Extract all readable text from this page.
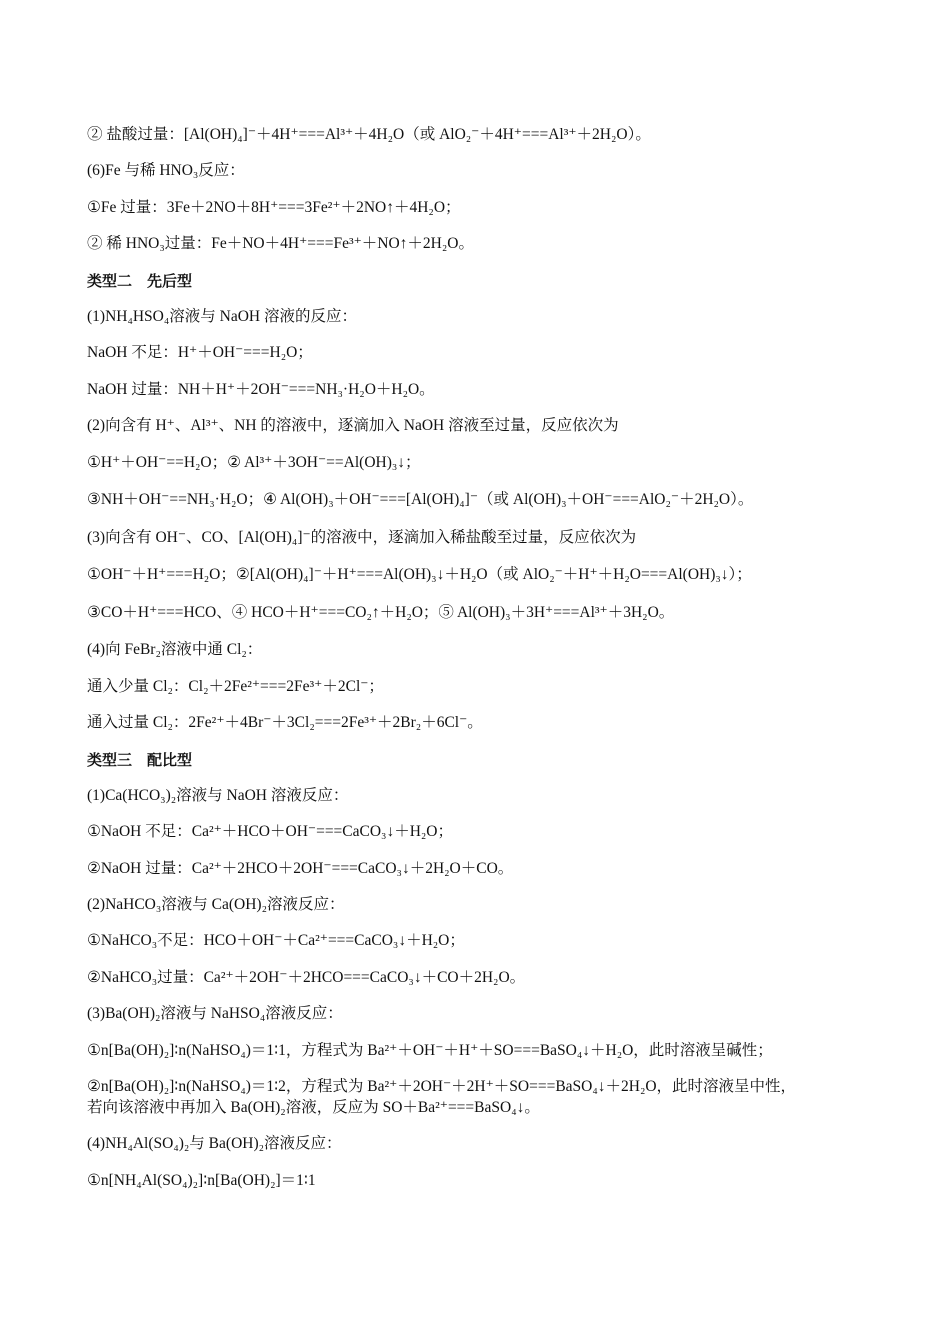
② 盐酸过量：[Al(OH)₄]⁻＋4H⁺===Al³⁺＋4H₂O（或 AlO₂⁻＋4H⁺===Al³⁺＋2H₂O）。
(6)Fe 与稀 HNO₃反应：
①Fe 过量：3Fe＋2NO＋8H⁺===3Fe²⁺＋2NO↑＋4H₂O；
② 稀 HNO₃过量：Fe＋NO＋4H⁺===Fe³⁺＋NO↑＋2H₂O。
类型二　先后型
(1)NH₄HSO₄溶液与 NaOH 溶液的反应：
NaOH 不足：H⁺＋OH⁻===H₂O；
NaOH 过量：NH＋H⁺＋2OH⁻===NH₃·H₂O＋H₂O。
(2)向含有 H⁺、Al³⁺、NH 的溶液中，逐滴加入 NaOH 溶液至过量，反应依次为
①H⁺＋OH⁻==H₂O；② Al³⁺＋3OH⁻==Al(OH)₃↓；
③NH＋OH⁻==NH₃·H₂O；④ Al(OH)₃＋OH⁻===[Al(OH)₄]⁻（或 Al(OH)₃＋OH⁻===AlO₂⁻＋2H₂O）。
(3)向含有 OH⁻、CO、[Al(OH)₄]⁻的溶液中，逐滴加入稀盐酸至过量，反应依次为
①OH⁻＋H⁺===H₂O；②[Al(OH)₄]⁻＋H⁺===Al(OH)₃↓＋H₂O（或 AlO₂⁻＋H⁺＋H₂O===Al(OH)₃↓）；
③CO＋H⁺===HCO、④ HCO＋H⁺===CO₂↑＋H₂O；⑤ Al(OH)₃＋3H⁺===Al³⁺＋3H₂O。
(4)向 FeBr₂溶液中通 Cl₂：
通入少量 Cl₂：Cl₂＋2Fe²⁺===2Fe³⁺＋2Cl⁻；
通入过量 Cl₂：2Fe²⁺＋4Br⁻＋3Cl₂===2Fe³⁺＋2Br₂＋6Cl⁻。
类型三　配比型
(1)Ca(HCO₃)₂溶液与 NaOH 溶液反应：
①NaOH 不足：Ca²⁺＋HCO＋OH⁻===CaCO₃↓＋H₂O；
②NaOH 过量：Ca²⁺＋2HCO＋2OH⁻===CaCO₃↓＋2H₂O＋CO。
(2)NaHCO₃溶液与 Ca(OH)₂溶液反应：
①NaHCO₃不足：HCO＋OH⁻＋Ca²⁺===CaCO₃↓＋H₂O；
②NaHCO₃过量：Ca²⁺＋2OH⁻＋2HCO===CaCO₃↓＋CO＋2H₂O。
(3)Ba(OH)₂溶液与 NaHSO₄溶液反应：
①n[Ba(OH)₂]∶n(NaHSO₄)＝1∶1，方程式为 Ba²⁺＋OH⁻＋H⁺＋SO===BaSO₄↓＋H₂O，此时溶液呈碱性；
②n[Ba(OH)₂]∶n(NaHSO₄)＝1∶2，方程式为 Ba²⁺＋2OH⁻＋2H⁺＋SO===BaSO₄↓＋2H₂O，此时溶液呈中性，
若向该溶液中再加入 Ba(OH)₂溶液，反应为 SO＋Ba²⁺===BaSO₄↓。
(4)NH₄Al(SO₄)₂与 Ba(OH)₂溶液反应：
①n[NH₄Al(SO₄)₂]∶n[Ba(OH)₂]＝1∶1
